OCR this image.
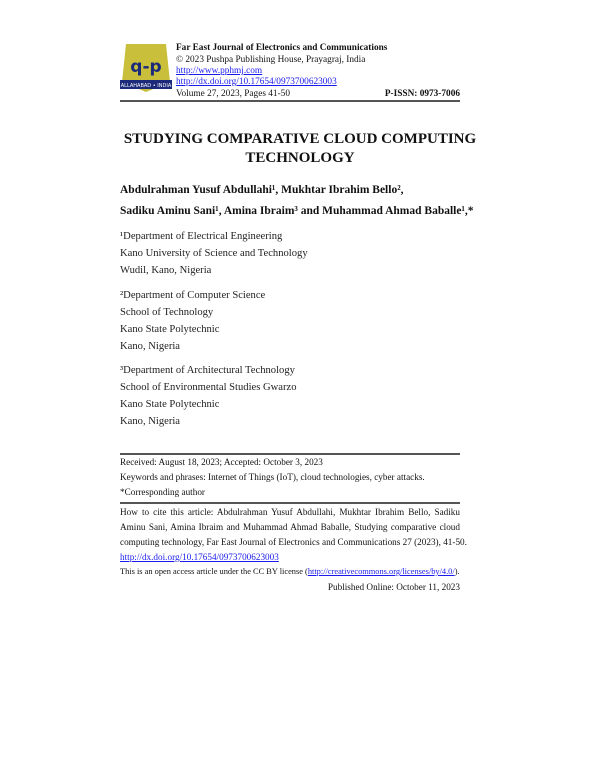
q-p
ALLAHABAD • INDIA
Far East Journal of Electronics and Communications
© 2023 Pushpa Publishing House, Prayagraj, India
http://www.pphmj.com
http://dx.doi.org/10.17654/0973700623003
Volume 27, 2023, Pages 41-50	P-ISSN: 0973-7006
STUDYING COMPARATIVE CLOUD COMPUTING
TECHNOLOGY
Abdulrahman Yusuf Abdullahi¹, Mukhtar Ibrahim Bello²,
Sadiku Aminu Sani¹, Amina Ibraim³ and Muhammad Ahmad Baballe¹,*
¹Department of Electrical Engineering
Kano University of Science and Technology
Wudil, Kano, Nigeria
²Department of Computer Science
School of Technology
Kano State Polytechnic
Kano, Nigeria
³Department of Architectural Technology
School of Environmental Studies Gwarzo
Kano State Polytechnic
Kano, Nigeria
Received: August 18, 2023; Accepted: October 3, 2023
Keywords and phrases: Internet of Things (IoT), cloud technologies, cyber attacks.
*Corresponding author
How to cite this article: Abdulrahman Yusuf Abdullahi, Mukhtar Ibrahim Bello, Sadiku
Aminu Sani, Amina Ibraim and Muhammad Ahmad Baballe, Studying comparative cloud
computing technology, Far East Journal of Electronics and Communications 27 (2023), 41-50.
http://dx.doi.org/10.17654/0973700623003
This is an open access article under the CC BY license (http://creativecommons.org/licenses/by/4.0/).
Published Online: October 11, 2023
